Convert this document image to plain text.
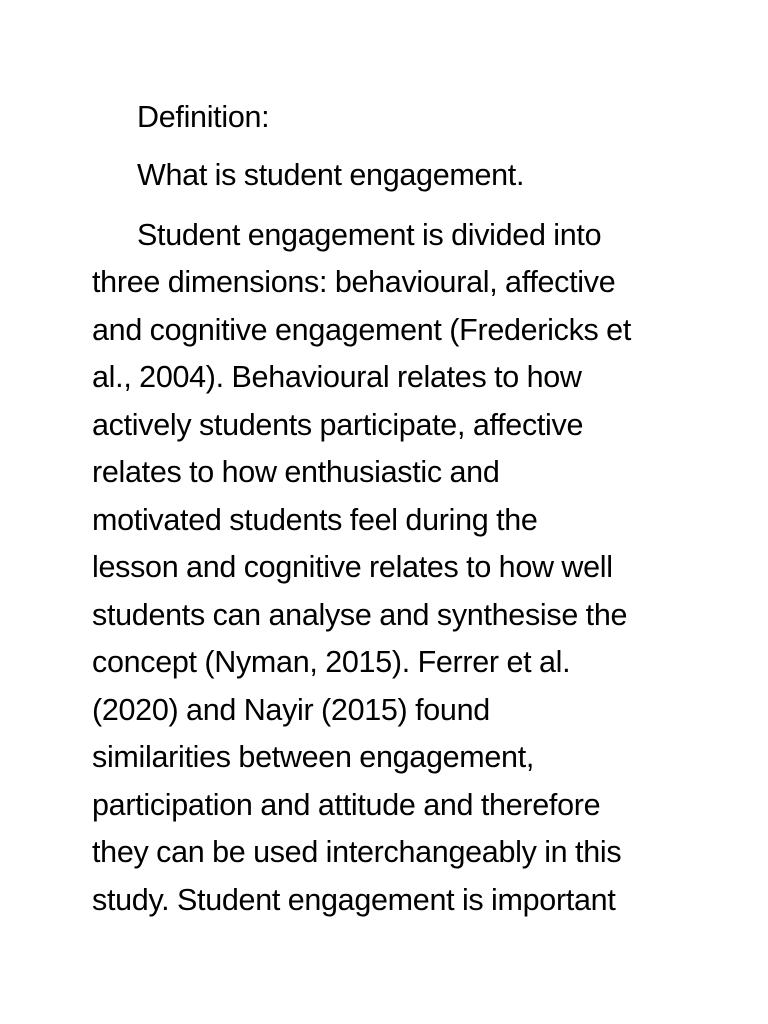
Definition:
What is student engagement.
Student engagement is divided into
three dimensions: behavioural, affective
and cognitive engagement (Fredericks et
al., 2004). Behavioural relates to how
actively students participate, affective
relates to how enthusiastic and
motivated students feel during the
lesson and cognitive relates to how well
students can analyse and synthesise the
concept (Nyman, 2015). Ferrer et al.
(2020) and Nayir (2015) found
similarities between engagement,
participation and attitude and therefore
they can be used interchangeably in this
study. Student engagement is important
